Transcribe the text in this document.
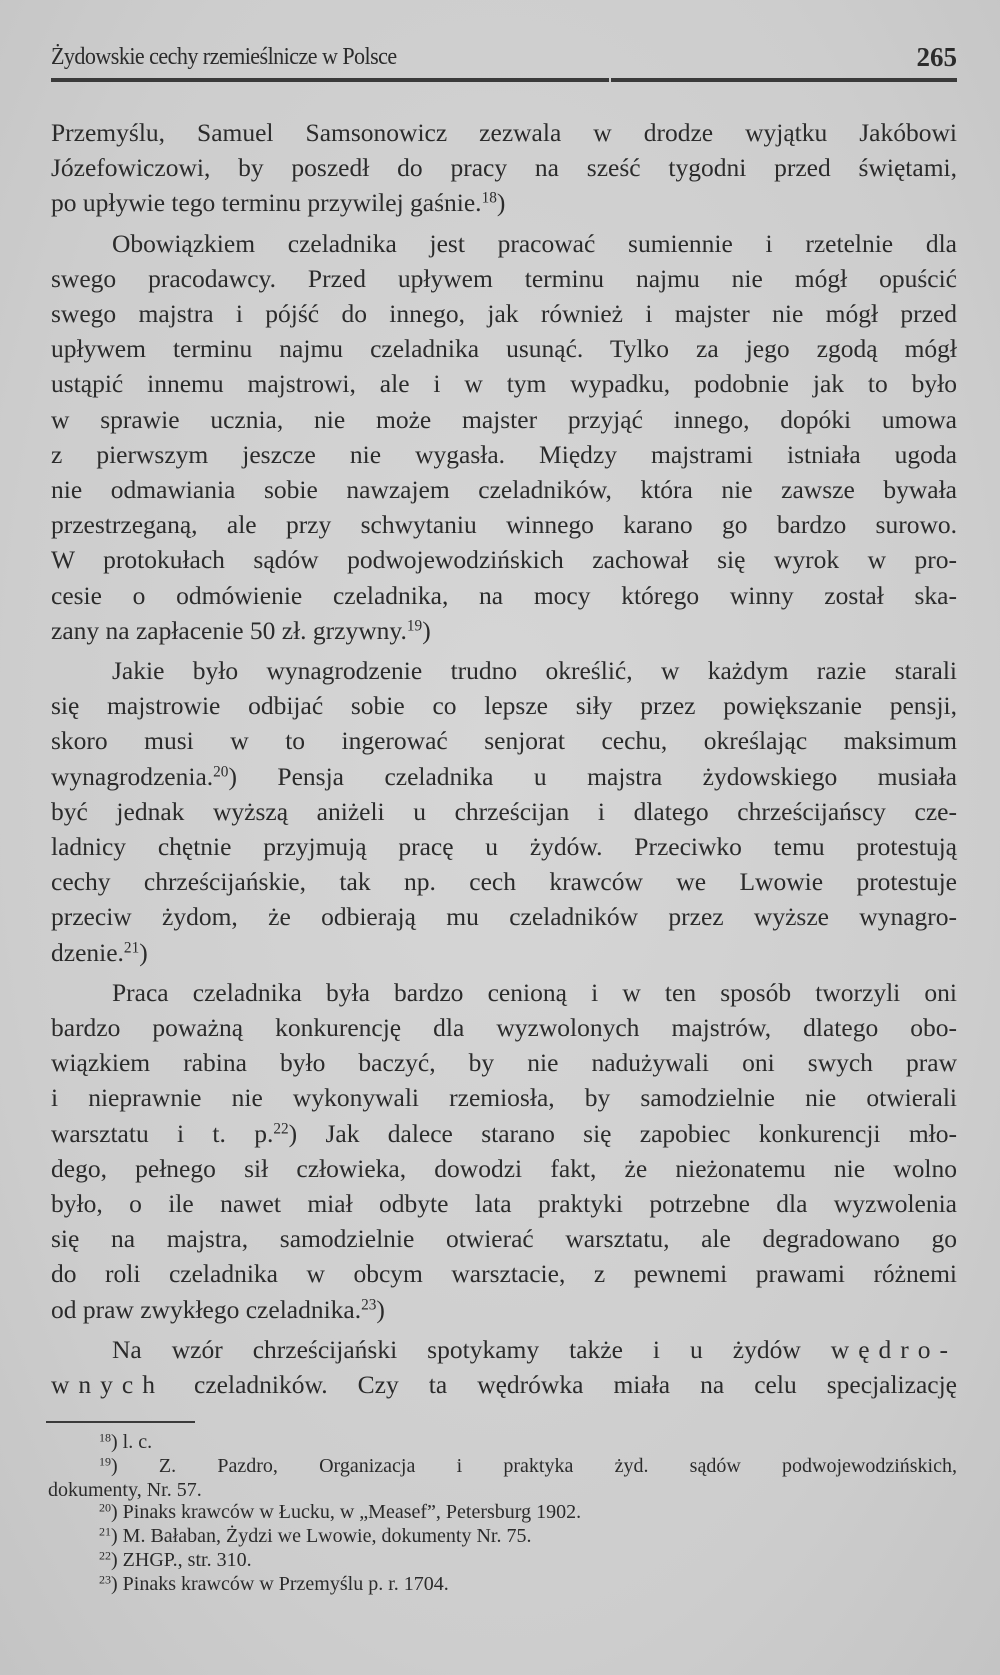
Żydowskie cechy rzemieślnicze w Polsce	265
Przemyślu, Samuel Samsonowicz zezwala w drodze wyjątku Jakóbowi
Józefowiczowi, by poszedł do pracy na sześć tygodni przed świętami,
po upływie tego terminu przywilej gaśnie.$^{18}$)
Obowiązkiem czeladnika jest pracować sumiennie i rzetelnie dla
swego pracodawcy. Przed upływem terminu najmu nie mógł opuścić
swego majstra i pójść do innego, jak również i majster nie mógł przed
upływem terminu najmu czeladnika usunąć. Tylko za jego zgodą mógł
ustąpić innemu majstrowi, ale i w tym wypadku, podobnie jak to było
w sprawie ucznia, nie może majster przyjąć innego, dopóki umowa
z pierwszym jeszcze nie wygasła. Między majstrami istniała ugoda
nie odmawiania sobie nawzajem czeladników, która nie zawsze bywała
przestrzeganą, ale przy schwytaniu winnego karano go bardzo surowo.
W protokułach sądów podwojewodzińskich zachował się wyrok w pro-
cesie o odmówienie czeladnika, na mocy którego winny został ska-
zany na zapłacenie 50 zł. grzywny.$^{19}$)
Jakie było wynagrodzenie trudno określić, w każdym razie starali
się majstrowie odbijać sobie co lepsze siły przez powiększanie pensji,
skoro musi w to ingerować senjorat cechu, określając maksimum
wynagrodzenia.$^{20}$) Pensja czeladnika u majstra żydowskiego musiała
być jednak wyższą aniżeli u chrześcijan i dlatego chrześcijańscy cze-
ladnicy chętnie przyjmują pracę u żydów. Przeciwko temu protestują
cechy chrześcijańskie, tak np. cech krawców we Lwowie protestuje
przeciw żydom, że odbierają mu czeladników przez wyższe wynagro-
dzenie.$^{21}$)
Praca czeladnika była bardzo cenioną i w ten sposób tworzyli oni
bardzo poważną konkurencję dla wyzwolonych majstrów, dlatego obo-
wiązkiem rabina było baczyć, by nie nadużywali oni swych praw
i nieprawnie nie wykonywali rzemiosła, by samodzielnie nie otwierali
warsztatu i t. p.$^{22}$) Jak dalece starano się zapobiec konkurencji mło-
dego, pełnego sił człowieka, dowodzi fakt, że nieżonatemu nie wolno
było, o ile nawet miał odbyte lata praktyki potrzebne dla wyzwolenia
się na majstra, samodzielnie otwierać warsztatu, ale degradowano go
do roli czeladnika w obcym warsztacie, z pewnemi prawami różnemi
od praw zwykłego czeladnika.$^{23}$)
Na wzór chrześcijański spotykamy także i u żydów wędro-
wnych czeladników. Czy ta wędrówka miała na celu specjalizację
$^{18}$) l. c.
$^{19}$) Z. Pazdro, Organizacja i praktyka żyd. sądów podwojewodzińskich,
dokumenty, Nr. 57.
$^{20}$) Pinaks krawców w Łucku, w „Measef”, Petersburg 1902.
$^{21}$) M. Bałaban, Żydzi we Lwowie, dokumenty Nr. 75.
$^{22}$) ZHGP., str. 310.
$^{23}$) Pinaks krawców w Przemyślu p. r. 1704.
